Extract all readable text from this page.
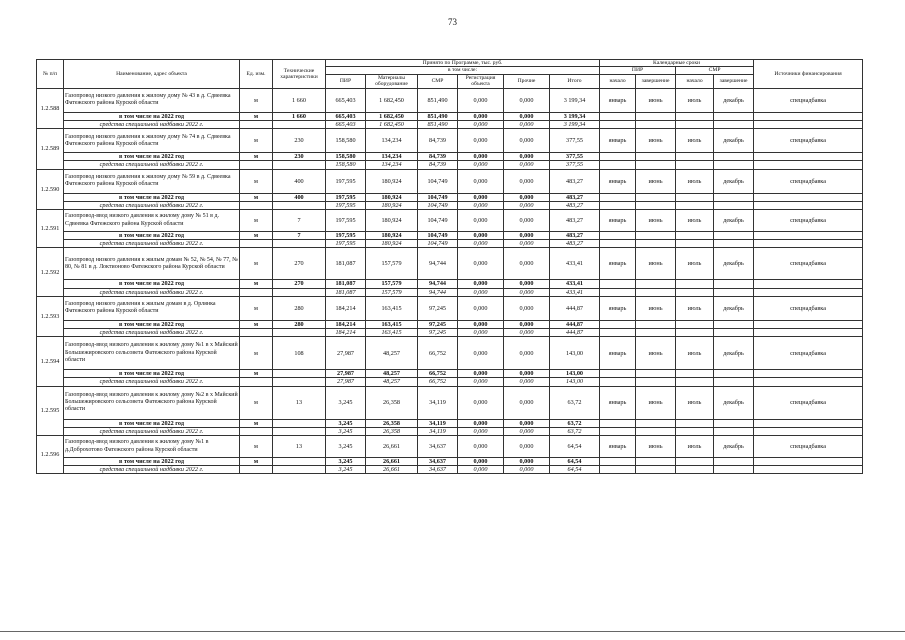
73
№ п/п	Наименование, адрес объекта	Ед. изм.	Технические характеристики	Принято по Программе, тыс. руб.						Календарные сроки				Источники финансирования
				в том числе:						ПИР		СМР		
				ПИР	Материалы оборудование	СМР	Регистрация объекта	Прочие	Итого	начало	завершение	начало	завершение	
1.2.588	Газопровод низкого давления к жилому дому № 43 в д. Сдвеевка Фатежского района Курской области	м	1 660	665,403	1 682,450	851,490	0,000	0,000	3 199,34	январь	июнь	июль	декабрь	спецнадбавка
	в том числе на 2022 год	м	1 660	665,403	1 682,450	851,490	0,000	0,000	3 199,34					
	средства специальной надбавки 2022 г.			665,403	1 682,450	851,490	0,000	0,000	3 199,34					
1.2.589	Газопровод низкого давления к жилому дому № 74 в д. Сдвеевка Фатежского района Курской области	м	230	158,580	134,234	84,739	0,000	0,000	377,55	январь	июнь	июль	декабрь	спецнадбавка
	в том числе на 2022 год	м	230	158,580	134,234	84,739	0,000	0,000	377,55					
	средства специальной надбавки 2022 г.			158,580	134,234	84,739	0,000	0,000	377,55					
1.2.590	Газопровод низкого давления к жилому дому № 59 в д. Сдвеевка Фатежского района Курской области	м	400	197,595	180,924	104,749	0,000	0,000	483,27	январь	июнь	июль	декабрь	спецнадбавка
	в том числе на 2022 год	м	400	197,595	180,924	104,749	0,000	0,000	483,27					
	средства специальной надбавки 2022 г.			197,595	180,924	104,749	0,000	0,000	483,27					
1.2.591	Газопровод-ввод низкого давления к жилому дому № 51 в д. Сдвеевка Фатежского района Курской области	м	7	197,595	180,924	104,749	0,000	0,000	483,27	январь	июнь	июль	декабрь	спецнадбавка
	в том числе на 2022 год	м	7	197,595	180,924	104,749	0,000	0,000	483,27					
	средства специальной надбавки 2022 г.			197,595	180,924	104,749	0,000	0,000	483,27					
1.2.592	Газопровод низкого давления к жилым домам № 52, № 54, № 77, № 80, № 81 в д. Локтионово Фатежского района Курской области	м	270	181,087	157,579	94,744	0,000	0,000	433,41	январь	июнь	июль	декабрь	спецнадбавка
	в том числе на 2022 год	м	270	181,087	157,579	94,744	0,000	0,000	433,41					
	средства специальной надбавки 2022 г.			181,087	157,579	94,744	0,000	0,000	433,41					
1.2.593	Газопровод низкого давления к жилым домам в д. Орлянка Фатежского района Курской области	м	280	184,214	163,415	97,245	0,000	0,000	444,87	январь	июнь	июль	декабрь	спецнадбавка
	в том числе на 2022 год	м	280	184,214	163,415	97,245	0,000	0,000	444,87					
	средства специальной надбавки 2022 г.			184,214	163,415	97,245	0,000	0,000	444,87					
1.2.594	Газопровод-ввод низкого давления к жилому дому №1 в х Майский Большежировского сельсовета Фатежского района Курской области	м	108	27,987	48,257	66,752	0,000	0,000	143,00	январь	июнь	июль	декабрь	спецнадбавка
	в том числе на 2022 год	м		27,987	48,257	66,752	0,000	0,000	143,00					
	средства специальной надбавки 2022 г.			27,987	48,257	66,752	0,000	0,000	143,00					
1.2.595	Газопровод-ввод низкого давления к жилому дому №2 в х Майский Большежировского сельсовета Фатежского района Курской области	м	13	3,245	26,358	34,119	0,000	0,000	63,72	январь	июнь	июль	декабрь	спецнадбавка
	в том числе на 2022 год	м		3,245	26,358	34,119	0,000	0,000	63,72					
	средства специальной надбавки 2022 г.			3,245	26,358	34,119	0,000	0,000	63,72					
1.2.596	Газопровод-ввод низкого давления к жилому дому №1 в д.Доброхотово Фатежского района Курской области	м	13	3,245	26,661	34,637	0,000	0,000	64,54	январь	июнь	июль	декабрь	спецнадбавка
	в том числе на 2022 год	м		3,245	26,661	34,637	0,000	0,000	64,54					
	средства специальной надбавки 2022 г.			3,245	26,661	34,637	0,000	0,000	64,54					
